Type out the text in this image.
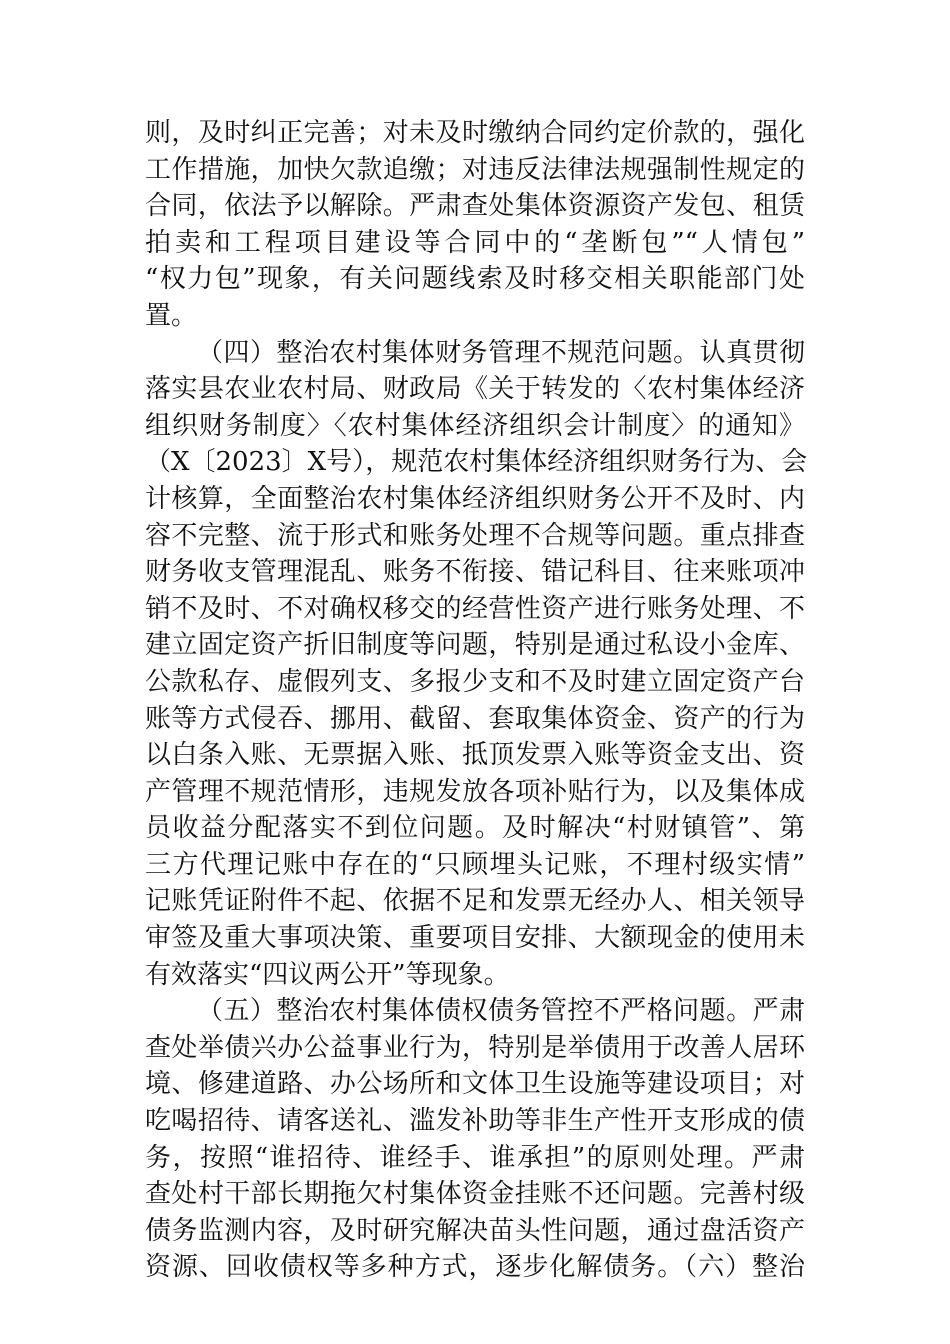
则，及时纠正完善；对未及时缴纳合同约定价款的，强化
工作措施，加快欠款追缴；对违反法律法规强制性规定的
合同，依法予以解除。严肃查处集体资源资产发包、租赁
拍卖和工程项目建设等合同中的“垄断包”“人情包”
“权力包”现象，有关问题线索及时移交相关职能部门处
置。
（四）整治农村集体财务管理不规范问题。认真贯彻
落实县农业农村局、财政局《关于转发的〈农村集体经济
组织财务制度〉〈农村集体经济组织会计制度〉的通知》
（X〔2023〕X号），规范农村集体经济组织财务行为、会
计核算，全面整治农村集体经济组织财务公开不及时、内
容不完整、流于形式和账务处理不合规等问题。重点排查
财务收支管理混乱、账务不衔接、错记科目、往来账项冲
销不及时、不对确权移交的经营性资产进行账务处理、不
建立固定资产折旧制度等问题，特别是通过私设小金库、
公款私存、虚假列支、多报少支和不及时建立固定资产台
账等方式侵吞、挪用、截留、套取集体资金、资产的行为
以白条入账、无票据入账、抵顶发票入账等资金支出、资
产管理不规范情形，违规发放各项补贴行为，以及集体成
员收益分配落实不到位问题。及时解决“村财镇管”、第
三方代理记账中存在的“只顾埋头记账，不理村级实情”
记账凭证附件不起、依据不足和发票无经办人、相关领导
审签及重大事项决策、重要项目安排、大额现金的使用未
有效落实“四议两公开”等现象。
（五）整治农村集体债权债务管控不严格问题。严肃
查处举债兴办公益事业行为，特别是举债用于改善人居环
境、修建道路、办公场所和文体卫生设施等建设项目；对
吃喝招待、请客送礼、滥发补助等非生产性开支形成的债
务，按照“谁招待、谁经手、谁承担”的原则处理。严肃
查处村干部长期拖欠村集体资金挂账不还问题。完善村级
债务监测内容，及时研究解决苗头性问题，通过盘活资产
资源、回收债权等多种方式，逐步化解债务。（六）整治
